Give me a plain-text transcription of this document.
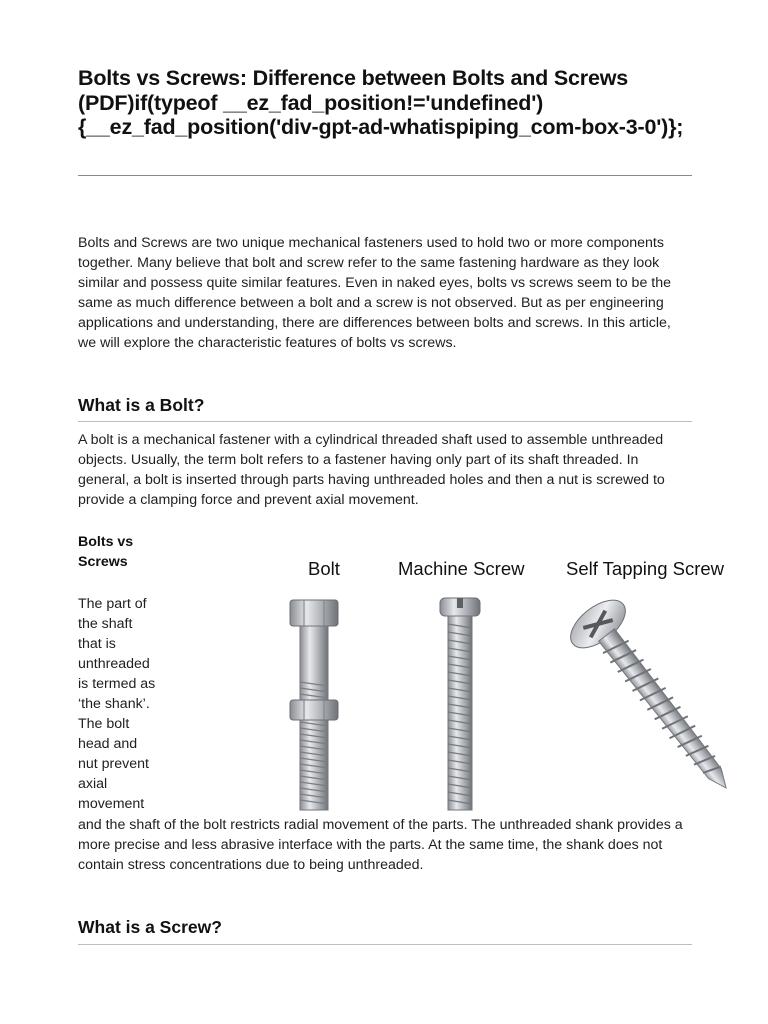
Bolts vs Screws: Difference between Bolts and Screws (PDF)if(typeof __ez_fad_position!='undefined'){__ez_fad_position('div-gpt-ad-whatispiping_com-box-3-0')};

Bolts and Screws are two unique mechanical fasteners used to hold two or more components together. Many believe that bolt and screw refer to the same fastening hardware as they look similar and possess quite similar features. Even in naked eyes, bolts vs screws seem to be the same as much difference between a bolt and a screw is not observed. But as per engineering applications and understanding, there are differences between bolts and screws. In this article, we will explore the characteristic features of bolts vs screws.

What is a Bolt?

A bolt is a mechanical fastener with a cylindrical threaded shaft used to assemble unthreaded objects. Usually, the term bolt refers to a fastener having only part of its shaft threaded. In general, a bolt is inserted through parts having unthreaded holes and then a nut is screwed to provide a clamping force and prevent axial movement.

Bolts vs Screws

The part of the shaft that is unthreaded is termed as ‘the shank’. The bolt head and nut prevent axial movement

Bolt	Machine Screw Self Tapping Screw

and the shaft of the bolt restricts radial movement of the parts. The unthreaded shank provides a more precise and less abrasive interface with the parts. At the same time, the shank does not contain stress concentrations due to being unthreaded.

What is a Screw?
